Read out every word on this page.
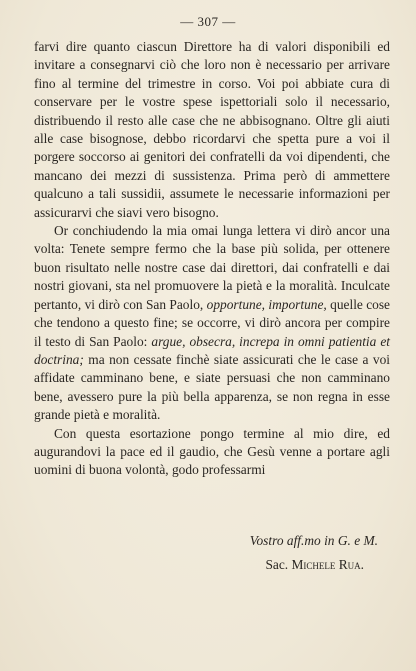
— 307 —

farvi dire quanto ciascun Direttore ha di valori disponibili ed invitare a consegnarvi ciò che loro non è necessario per arrivare fino al termine del trimestre in corso. Voi poi abbiate cura di conservare per le vostre spese ispettoriali solo il necessario, distribuendo il resto alle case che ne abbisognano. Oltre gli aiuti alle case bisognose, debbo ricordarvi che spetta pure a voi il porgere soccorso ai genitori dei confratelli da voi dipendenti, che mancano dei mezzi di sussistenza. Prima però di ammettere qualcuno a tali sussidii, assumete le necessarie informazioni per assicurarvi che siavi vero bisogno.

Or conchiudendo la mia omai lunga lettera vi dirò ancor una volta: Tenete sempre fermo che la base più solida, per ottenere buon risultato nelle nostre case dai direttori, dai confratelli e dai nostri giovani, sta nel promuovere la pietà e la moralità. Inculcate pertanto, vi dirò con San Paolo, opportune, importune, quelle cose che tendono a questo fine; se occorre, vi dirò ancora per compire il testo di San Paolo: argue, obsecra, increpa in omni patientia et doctrina; ma non cessate finchè siate assicurati che le case a voi affidate camminano bene, e siate persuasi che non camminano bene, avessero pure la più bella apparenza, se non regna in esse grande pietà e moralità.

Con questa esortazione pongo termine al mio dire, ed augurandovi la pace ed il gaudio, che Gesù venne a portare agli uomini di buona volontà, godo professarmi

Vostro aff.mo in G. e M.
Sac. Michele Rua.
